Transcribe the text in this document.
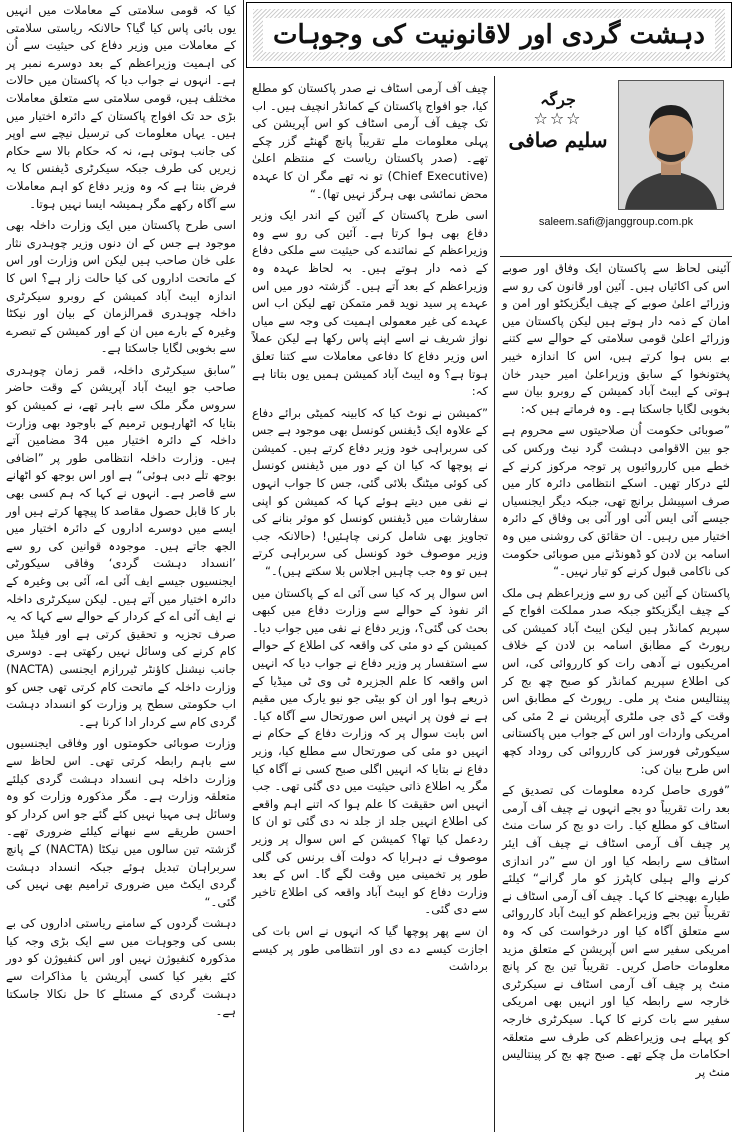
دہشت گردی اور لاقانونیت کی وجوہات
جرگہ
☆☆☆
سلیم صافی
saleem.safi@janggroup.com.pk

آئینی لحاظ سے پاکستان ایک وفاق اور صوبے اس کی اکائیاں ہیں۔ آئین اور قانون کی رو سے وزرائے اعلیٰ صوبے کے چیف ایگزیکٹو اور امن و امان کے ذمہ دار ہوتے ہیں لیکن پاکستان میں وزرائے اعلیٰ قومی سلامتی کے حوالے سے کتنے بے بس ہوا کرتے ہیں، اس کا اندازہ خیبر پختونخوا کے سابق وزیراعلیٰ امیر حیدر خان ہوتی کے ایبٹ آباد کمیشن کے روبرو بیان سے بخوبی لگایا جاسکتا ہے۔ وہ فرماتے ہیں کہ:

”صوبائی حکومت اُن صلاحیتوں سے محروم ہے جو بین الاقوامی دہشت گرد نیٹ ورکس کی خطے میں کارروائیوں پر توجہ مرکوز کرنے کے لئے درکار تھیں۔ اسکے انتظامی دائرہ کار میں صرف اسپیشل برانچ تھی، جبکہ دیگر ایجنسیاں جیسے آئی ایس آئی اور آئی بی وفاق کے دائرہ اختیار میں رہیں۔ ان حقائق کی روشنی میں وہ اسامہ بن لادن کو ڈھونڈنے میں صوبائی حکومت کی ناکامی قبول کرنے کو تیار نہیں۔“

پاکستان کے آئین کی رو سے وزیراعظم ہی ملک کے چیف ایگزیکٹو جبکہ صدر مملکت افواج کے سپریم کمانڈر ہیں لیکن ایبٹ آباد کمیشن کی رپورٹ کے مطابق اسامہ بن لادن کے خلاف امریکیوں نے آدھی رات کو کارروائی کی، اس کی اطلاع سپریم کمانڈر کو صبح چھ بج کر پینتالیس منٹ پر ملی۔ رپورٹ کے مطابق اس وقت کے ڈی جی ملٹری آپریشن نے 2 مئی کی امریکی واردات اور اس کے جواب میں پاکستانی سیکورٹی فورسز کی کارروائی کی روداد کچھ اس طرح بیان کی:

”فوری حاصل کردہ معلومات کی تصدیق کے بعد رات تقریباً دو بجے انہوں نے چیف آف آرمی اسٹاف کو مطلع کیا۔ رات دو بج کر سات منٹ پر چیف آف آرمی اسٹاف نے چیف آف ایئر اسٹاف سے رابطہ کیا اور ان سے ”در اندازی کرنے والے ہیلی کاپٹرز کو مار گرانے“ کیلئے طیارے بھیجنے کا کہا۔ چیف آف آرمی اسٹاف نے تقریباً تین بجے وزیراعظم کو ایبٹ آباد کارروائی سے متعلق آگاہ کیا اور درخواست کی کہ وہ امریکی سفیر سے اس آپریشن کے متعلق مزید معلومات حاصل کریں۔ تقریباً تین بج کر پانچ منٹ پر چیف آف آرمی اسٹاف نے سیکرٹری خارجہ سے رابطہ کیا اور انہیں بھی امریکی سفیر سے بات کرنے کا کہا۔ سیکرٹری خارجہ کو پہلے ہی وزیراعظم کی طرف سے متعلقہ احکامات مل چکے تھے۔ صبح چھ بج کر پینتالیس منٹ پر

چیف آف آرمی اسٹاف نے صدر پاکستان کو مطلع کیا، جو افواج پاکستان کے کمانڈر انچیف ہیں۔ اب تک چیف آف آرمی اسٹاف کو اس آپریشن کی پہلی معلومات ملے تقریباً پانچ گھنٹے گزر چکے تھے۔ (صدر پاکستان ریاست کے منتظم اعلیٰ (Chief Executive) تو نہ تھے مگر ان کا عہدہ محض نمائشی بھی ہرگز نہیں تھا)۔“

اسی طرح پاکستان کے آئین کے اندر ایک وزیر دفاع بھی ہوا کرتا ہے۔ آئین کی رو سے وہ وزیراعظم کے نمائندے کی حیثیت سے ملکی دفاع کے ذمہ دار ہوتے ہیں۔ بہ لحاظ عہدہ وہ وزیراعظم کے بعد آتے ہیں۔ گزشتہ دور میں اس عہدے پر سید نوید قمر متمکن تھے لیکن اب اس عہدے کی غیر معمولی اہمیت کی وجہ سے میاں نواز شریف نے اسے اپنے پاس رکھا ہے لیکن عملاً اس وزیر دفاع کا دفاعی معاملات سے کتنا تعلق ہوتا ہے؟ وہ ایبٹ آباد کمیشن ہمیں یوں بتاتا ہے کہ:

”کمیشن نے نوٹ کیا کہ کابینہ کمیٹی برائے دفاع کے علاوہ ایک ڈیفنس کونسل بھی موجود ہے جس کی سربراہی خود وزیر دفاع کرتے ہیں۔ کمیشن نے پوچھا کہ کیا ان کے دور میں ڈیفنس کونسل کی کوئی میٹنگ بلائی گئی، جس کا جواب انہوں نے نفی میں دیتے ہوئے کہا کہ کمیشن کو اپنی سفارشات میں ڈیفنس کونسل کو موثر بنانے کی تجاویز بھی شامل کرنی چاہئیں! (حالانکہ جب وزیر موصوف خود کونسل کی سربراہی کرتے ہیں تو وہ جب چاہیں اجلاس بلا سکتے ہیں)۔“

اس سوال پر کہ کیا سی آئی اے کے پاکستان میں اثر نفوذ کے حوالے سے وزارت دفاع میں کبھی بحث کی گئی؟، وزیر دفاع نے نفی میں جواب دیا۔ کمیشن کے دو مئی کی واقعہ کی اطلاع کے حوالے سے استفسار پر وزیر دفاع نے جواب دیا کہ انہیں اس واقعہ کا علم الجزیرہ ٹی وی ٹی میڈیا کے ذریعے ہوا اور ان کو بیٹی جو نیو یارک میں مقیم ہے نے فون پر انہیں اس صورتحال سے آگاہ کیا۔ اس بابت سوال پر کہ وزارت دفاع کے حکام نے انہیں دو مئی کی صورتحال سے مطلع کیا، وزیر دفاع نے بتایا کہ انہیں اگلی صبح کسی نے آگاہ کیا مگر یہ اطلاع ذاتی حیثیت میں دی گئی تھی۔ جب انہیں اس حقیقت کا علم ہوا کہ اتنے اہم واقعے کی اطلاع انہیں جلد از جلد نہ دی گئی تو ان کا ردعمل کیا تھا؟ کمیشن کے اس سوال پر وزیر موصوف نے دہرایا کہ دولت آف برنس کی گلی طور پر تخمینی میں وقت لگے گا۔ اس کے بعد وزارت دفاع کو ایبٹ آباد واقعہ کی اطلاع تاخیر سے دی گئی۔

ان سے پھر پوچھا گیا کہ انہوں نے اس بات کی اجازت کیسے دے دی اور انتظامی طور پر کیسے برداشت

کیا کہ قومی سلامتی کے معاملات میں انہیں یوں بائی پاس کیا گیا؟ حالانکہ ریاستی سلامتی کے معاملات میں وزیر دفاع کی حیثیت سے اُن کی اہمیت وزیراعظم کے بعد دوسرے نمبر پر ہے۔ انہوں نے جواب دیا کہ پاکستان میں حالات مختلف ہیں، قومی سلامتی سے متعلق معاملات بڑی حد تک افواج پاکستان کے دائرہ اختیار میں ہیں۔ یہاں معلومات کی ترسیل نیچے سے اوپر کی جانب ہوتی ہے، نہ کہ حکام بالا سے حکام زیریں کی طرف جبکہ سیکرٹری ڈیفنس کا یہ فرض بنتا ہے کہ وہ وزیر دفاع کو اہم معاملات سے آگاہ رکھے مگر ہمیشہ ایسا نہیں ہوتا۔

اسی طرح پاکستان میں ایک وزارت داخلہ بھی موجود ہے جس کے ان دنوں وزیر چوہدری نثار علی خان صاحب ہیں لیکن اس وزارت اور اس کے ماتحت اداروں کی کیا حالت زار ہے؟ اس کا اندازہ ایبٹ آباد کمیشن کے روبرو سیکرٹری داخلہ چوہدری قمرالزمان کے بیان اور نیکٹا وغیرہ کے بارے میں ان کے اور کمیشن کے تبصرے سے بخوبی لگایا جاسکتا ہے۔

”سابق سیکرٹری داخلہ، قمر زمان چوہدری صاحب جو ایبٹ آباد آپریشن کے وقت حاضر سروس مگر ملک سے باہر تھے، نے کمیشن کو بتایا کہ اٹھارہویں ترمیم کے باوجود بھی وزارت داخلہ کے دائرہ اختیار میں 34 مضامین آتے ہیں۔ وزارت داخلہ انتظامی طور پر ”اضافی بوجھ تلے دبی ہوئی“ ہے اور اس بوجھ کو اٹھانے سے قاصر ہے۔ انہوں نے کہا کہ ہم کسی بھی بار کا قابل حصول مقاصد کا پیچھا کرتے ہیں اور ایسے میں دوسرے اداروں کے دائرہ اختیار میں الجھ جاتے ہیں۔ موجودہ قوانین کی رو سے ’انسداد دہشت گردی‘ وفاقی سیکورٹی ایجنسیوں جیسے ایف آئی اے، آئی بی وغیرہ کے دائرہ اختیار میں آتے ہیں۔ لیکن سیکرٹری داخلہ نے ایف آئی اے کے کردار کے حوالے سے کہا کہ یہ صرف تجزیہ و تحقیق کرتی ہے اور فیلڈ میں کام کرنے کی وسائل نہیں رکھتی ہے۔ دوسری جانب نیشنل کاؤنٹر ٹیررازم ایجنسی (NACTA) وزارت داخلہ کے ماتحت کام کرتی تھی جس کو اب حکومتی سطح پر وزارت کو انسداد دہشت گردی کام سے کردار ادا کرنا ہے۔

وزارت صوبائی حکومتوں اور وفاقی ایجنسیوں سے باہم رابطہ کرتی تھی۔ اس لحاظ سے وزارت داخلہ ہی انسداد دہشت گردی کیلئے متعلقہ وزارت ہے۔ مگر مذکورہ وزارت کو وہ وسائل ہی مہیا نہیں کئے گئے جو اس کردار کو احسن طریقے سے نبھانے کیلئے ضروری تھے۔ گزشتہ تین سالوں میں نیکٹا (NACTA) کے پانچ سربراہان تبدیل ہوئے جبکہ انسداد دہشت گردی ایکٹ میں ضروری ترامیم بھی نہیں کی گئی۔“

دہشت گردوں کے سامنے ریاستی اداروں کی بے بسی کی وجوہات میں سے ایک بڑی وجہ کیا مذکورہ کنفیوژن نہیں اور اس کنفیوژن کو دور کئے بغیر کیا کسی آپریشن یا مذاکرات سے دہشت گردی کے مسئلے کا حل نکالا جاسکتا ہے۔
